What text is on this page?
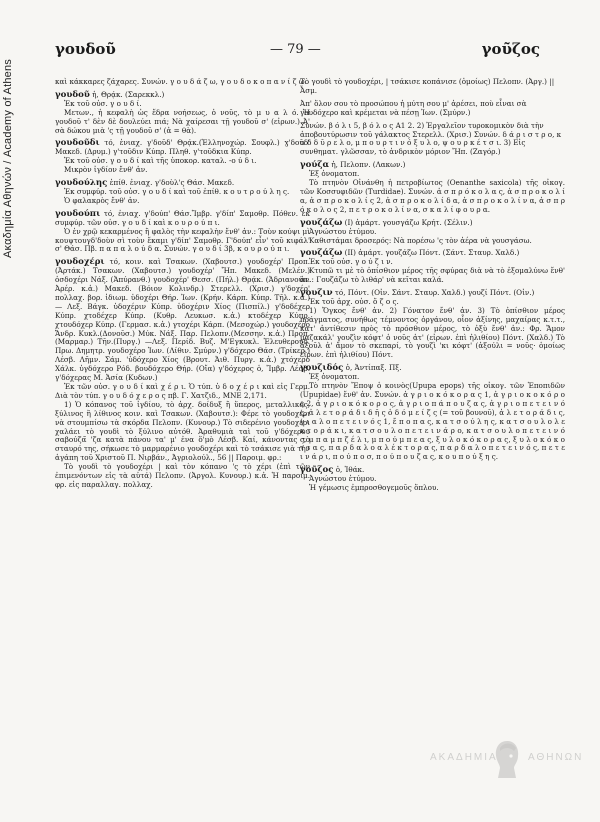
Ακαδημία Αθηνών / Academy of Athens
γουδοῦ	— 79 —	γοῦζος

καὶ κάκκαρες ζάχαρες. Συνών. γ ο υ δ ά ζ ω, γ ο υ δ ο κ ο π α ν ί ζ ω.

γουδοῦ ἡ, Θρᾴκ. (Σαρεκκλ.)

Ἐκ τοῦ οὐσ. γ ο υ δ ί.

Μετων., ἡ κεφαλὴ ὡς ἕδρα νοήσεως, ὁ νοῦς, τὸ μ υ α λ ό. Ἡ γουδοῦ τ' δὲν δὲ δουλεύει πιά; Νὰ χαίρεσαι τῇ γουδοῦ σ' (εἰρων.) Ἀ' σὰ δώκου μιὰ 'ς τῇ γουδοῦ σ' (ἀ = θὰ).

γουδοῦδι τό, ἐνιαχ. γ'δοῦδ' Θρᾴκ.(Ἑλληνοχώρ. Σουφλ.) ɣ'δοῦδ' Μακεδ. (Δρυμ.) γ'τοῦδιν Κύπρ. Πληθ. γ'τοῦδκια Κύπρ.

Ἐκ τοῦ οὐσ. γ ο υ δ ί καὶ τῆς ὑποκορ. καταλ. -ο ύ δ ι.

Μικρὸν ἰγδίον ἔνθ' ἀν.

γουδούλης ἐπίθ. ἐνιαχ. γ'δοὺλ'ς Θάσ. Μακεδ.

Ἐκ συμφύρ. τοῦ οὐσ. γ ο υ δ ί καὶ τοῦ ἐπίθ. κ ο υ τ ρ ο ύ λ η ς.

Ὁ φαλακρὸς ἔνθ' ἀν.

γουδούπι τό, ἐνιαχ. γ'δούπ' Θάσ.Ἴμβρ. γ'δίπ' Σαμοθρ. Πόθεν. ἐκ συμφύρ. τῶν οὐσ. γ ο υ δ ί καὶ κ ο υ ρ ο ύ π ι.

Ὁ ἐν χρῷ κεκαρμένος ἢ φαλὸς τὴν κεφαλὴν ἔνθ' ἀν.: Τοὺν κούψι μὶ κουψτουγδ'δοὺν σὶ τοὺν ἔκαμι γ'δίπ' Σαμοθρ. Γ'δούπ' εἶν' τοῦ κιφάλ' σ' Θάσ. Πβ. π α π α λ ο ύ δ α. Συνών. γ ο υ δ ί 3β, κ ο υ ρ ο ύ π ι.

γουδοχέρι τό, κοιν. καὶ Τσακων. (Χαβουτσ.) γουδοχέρ' Προπ. (Ἀρτάκ.) Τσακων. (Χαβουτσ.) γουδοχέρ' Ἤπ. Μακεδ. (Μελέν.) ὀσδοχέρι Νάξ. (Ἀπύρανθ.) γουδοχέρ' Θεσσ. (Πήλ.) Θρᾴκ. (Ἀδριανούπ. Ἀρέρ. κ.ἀ.) Μακεδ. (Βόιον Κολινδρ.) Στερελλ. (Χρισ.) γ'δοχέρ' πολλαχ. βορ. ἰδιωμ. ὑδοχέρι Θήρ. Ἰων. (Κρήν. Κάρπ. Κύπρ. Τῆλ. κ.ἀ.) — Λεξ. Βάγκ. ὑδοχέριν Κύπρ. ὑδοχέριν Χίος (Πισπίλ.) γ'δοδέχερ Κύπρ. χτοδέχερ Κύπρ. (Κυθρ. Λευκωσ. κ.ἀ.) κτοδέχερ Κύπρ. χτουδόχερ Κύπρ. (Γερμασ. κ.ἀ.) γτοχέρι Κάρπ. (Μεσοχώρ.) γουδοχέρο Ἄνδρ. Κυκλ.(Δονοῦσ.) Μύκ. Νάξ. Παρ. Πελοπν.(Μεσσην. κ.ἀ.) Προπ.(Μαρμαρ.) Τῆν.(Πυργ.) —Λεξ. Περίδ. Βυζ. Μ'Εγκυκλ. Ἐλευθερουδ. Πρω. Δημητρ. γουδοχέρο Ἰων. (Λίθιν. Σμύρν.) γ'δόχερο Θάσ. (Τρίκερ.) Λέσβ. Λῆμν. Σάμ. 'ὑδόχερο Χίος (Βρουτ. Ἀιθ. Πυργ. κ.ἀ.) χτόχερο Χάλκ. ὑγδόχερο Ρόδ. βουδόχερο Θήρ. (Οἴα) γ'δόχερος ὁ, Ἴμβρ. Λέσβ. γ'δόχερας Μ. Ἀσία (Κυδων.)

Ἐκ τῶν οὐσ. γ ο υ δ ί καὶ χ έ ρ ι. Ὁ τύπ. ὑ δ ο χ έ ρ ι καὶ εἰς Γερμ. Διὰ τὸν τύπ. γ ο υ δ ό χ ε ρ ο ς πβ. Γ. Χατζιδ., ΜΝΕ 2,171.

1) Ὁ κόπανος τοῦ ἰγδίου, τὸ ἀρχ. δοίδυξ ἢ ὕπερος, μεταλλικός, ξύλινος ἢ λίθινος κοιν. καὶ Τσακων. (Χαβουτσ.): Φέρε τὸ γουδοχέρι νὰ στουμπίσω τὰ σκόρδα Πελοπν. (Κυνουρ.) Τὸ σιδερένιο γουδοχέρι χαλάει τὸ γουδὶ τὸ ξύλινο αὐτόθ. Ἀραθυμιὰ ταὶ τοῦ γ'δόχερου σαβούζα̃ 'ζα κατὰ πάνου τα' μ' ἐνα ὅ'μὸ Λέσβ. Καί, κάνοντας τὸ σταυρό της, σήκωσε τὸ μαρμαρένιο γουδοχέρι καὶ τὸ τσάκισε γιὰ τὴν ἀγάπη τοῦ Χριστοῦ Π. Νιρβάν., Ἀγριολούλ., 56 || Παροιμ. φρ.:

Τὸ γουδὶ τὸ γουδοχέρι | καὶ τὸν κόπανο 'ς τὸ χέρι (ἐπὶ τῶν ἐπιμενόντων εἰς τὰ αὐτά) Πελοπν. (Ἀργολ. Κυνουρ.) κ.ἀ. Ἡ παροιμ. φρ. εἰς παραλλαγ. πολλαχ.

Τὸ γουδὶ τὸ γουδοχέρι, | τσάκισε κοπάνισε (ὁμοίως) Πελοπν. (Ἀργ.) || Ἆσμ.

Ἀπ' ὅλον σου τὸ προσώπου ἡ μύτη σου μ' ἀρέσει, ποὺ εἶναι σὰ γουδόχερο καὶ κρέμεται νὰ πέσῃ Ἰων. (Σμύρν.)

Συνών. β ό λ ι 5, β ό λ ο ς Α1 2. 2) Ἐργαλεῖον τυροκομικὸν διὰ τὴν ἀποβουτύρωσιν τοῦ γάλακτος Στερελλ. (Χρισ.) Συνών. δ ά ρ ι σ τ ρ ο, κ α δ δ ῦ ρ ε λ ο, μ π ο υ ρ τ ι ν ό ξ υ λ ο, ψ ο υ ρ κ έ τ σ ι. 3) Εἰς συνθηματ. γλῶσσαν, τὸ ἀνδρικὸν μόριον Ἤπ. (Ζαγόρ.)

γούζα ἡ, Πελοπν. (Λακων.)

Ἐξ ὀνοματοπ.

Τὸ πτηνὸν Οἰνάνθη ἡ πετροβίωτος (Oenanthe saxicola) τῆς οἰκογ. τῶν Κοσσυφιδῶν (Turdidae). Συνών. ἀ σ π ρ ό κ ο λ α ς, ἀ σ π ρ ο κ ο λ ί α, ἀ σ π ρ ο κ ο λ ί ς 2, ἀ σ π ρ ο κ ο λ ί δ α, ἀ σ π ρ ο κ ο λ ί ν α, ἀ σ π ρ ό κ ο λ ο ς 2, π ε τ ρ ο κ ο λ ί ν α, σ κ α λ ί φ ο υ ρ α.

γουζάζω (I) ἀμάρτ. γουσγάζω Κρήτ. (Σέλιν.)

Ἀγνώστου ἐτύμου.

Καθιστάμαι δροσερός: Νὰ πορέσω 'ς τὸν ἀέρα νὰ γουσγάσω.

γουζάζω (II) ἀμάρτ. γουζάζω Πόντ. (Σάντ. Σταυρ. Χαλδ.)

Ἐκ τοῦ οὐσ. γ ο ύ ζ ι ν.

Κτυπῶ τι μὲ τὸ ὀπίσθιον μέρος τῆς σφύρας διὰ νὰ τὸ ἐξομαλύνω ἔνθ' ἀν.: Γουζάζω τὸ λιθάρ' νὰ κεῖται καλά.

γουζιν τό, Πόντ. (Οἰν. Σάντ. Σταυρ. Χαλδ.) γουζί Πόντ. (Οἰν.)

Ἐκ τοῦ ἀρχ. οὐσ. ὄ ζ ο ς.

1) Ὄγκος ἔνθ' ἀν. 2) Γόνατον ἔνθ' ἀν. 3) Τὸ ὀπίσθιον μέρος πράγματος, συνήθως τέμνοντος ὀργάνου, οἷον ἀξίνης, μαχαίρας κ.τ.τ., κατ' ἀντίθεσιν πρὸς τὸ πρόσθιον μέρος, τὸ ὀξὺ ἔνθ' ἀν.: Φρ. Ἄμον μαζακάλ' γουζὶν κόφτ' ὁ νοῦς ἀτ' (εἰρων. ἐπὶ ἠλιθίου) Πόντ. (Χαλδ.) Τὸ ἀξοῦλ ἀ' ἄμον τὸ σκεπαρί, τὸ γουζὶ 'κι κόφτ' (ἀξούλι = νοῦς· ὁμοίως εἰρων. ἐπὶ ἠλιθίου) Πόντ.

γουζιδός ὁ, Ἀντίπαξ. Πξ.

Ἐξ ὀνοματοπ.

Τὸ πτηνὸν Ἔποψ ὁ κοινὸς(Upupa epops) τῆς οἰκογ. τῶν Ἐποπιδῶν (Upupidae) ἔνθ' ἀν. Συνών. ἀ γ ρ ι ο κ ό κ ο ρ α ς 1, ἀ γ ρ ι ο κ ο κ ό ρ ο ς 2, ἀ γ ρ ι ο κ ό κ ο ρ ο ς, ἀ γ ρ ι ο π ά π ο υ ζ α ς, ἀ γ ρ ι ο π ε τ ε ι ν ό ς, ἀ λ ε τ ο ρ ά δ ι δ ῆ ς ὁ δ ό μ ε ί ζ ς (= τοῦ βουνοῦ), ἀ λ ε τ ο ρ ά δ ι ς, γ ι α λ ο π ε τ ε ι ν ό ς 1, ἔ π ο π α ς, κ α τ σ ο ύ λ η ς, κ α τ σ ο υ λ ο λ ε κ τ ο ρ ά κ ι, κ α τ σ ο υ λ ο π ε τ ε ι ν ά ρ ο, κ α τ σ ο υ λ ο π ε τ ε ι ν ό ς, μ π α μ π ζ έ λ ι, μ π ο ύ μ π ε α ς, ξ υ λ ο κ ό κ ο ρ α ς, ξ υ λ ο κ ό κ ο τ τ α ς, π α ρ δ α λ ο α λ έ κ τ ο ρ α ς, π α ρ δ α λ ο π ε τ ε ι ν ό ς, π ε τ ε ι ν ά ρ ι, π ο ύ π ο σ, π ο ύ π ο υ ζ α ς, κ ο υ π ο ύ ξ η ς.

γοῦζος ὁ, Ἰθάκ.

Ἀγνώστου ἐτύμου.

Ἡ γέμωσις ἐμπροσθογεμοῦς ὅπλου.

ΑΚΑΔΗΜΙΑ	ΑΘΗΝΩΝ
